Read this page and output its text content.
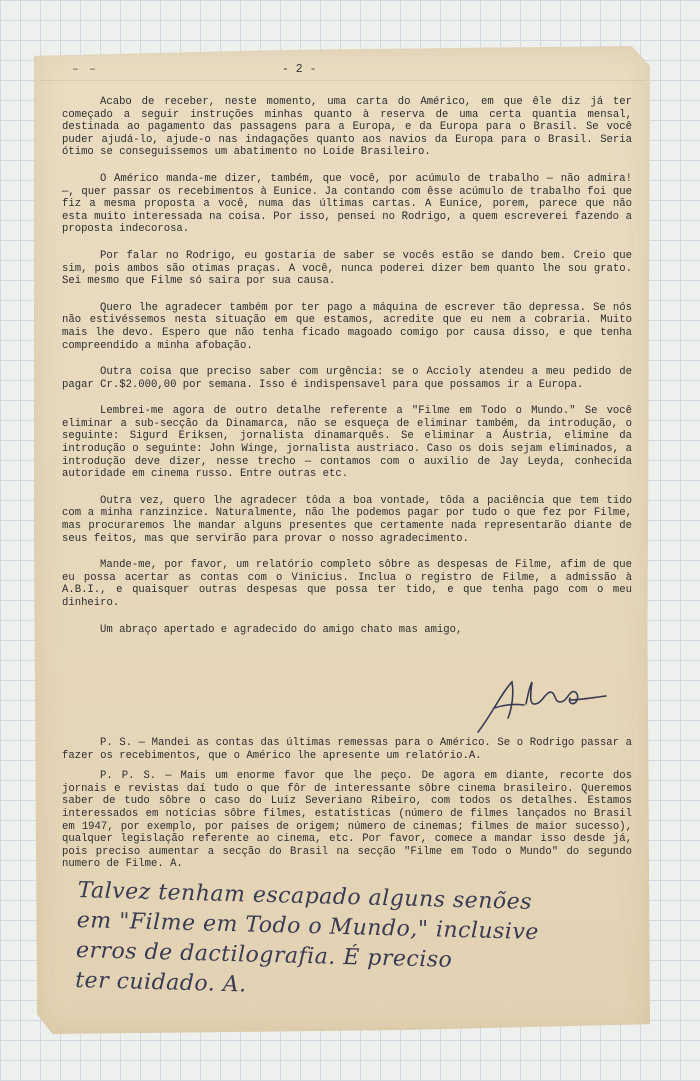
– –	- 2 -

Acabo de receber, neste momento, uma carta do Américo, em que êle diz já ter começado a seguir instruções minhas quanto à reserva de uma certa quantia mensal, destinada ao pagamento das passagens para a Europa, e da Europa para o Brasil. Se você puder ajudá-lo, ajude-o nas indagações quanto aos navios da Europa para o Brasil. Seria ótimo se conseguissemos um abatimento no Loide Brasileiro.

O Américo manda-me dizer, também, que você, por acúmulo de trabalho — não admira! —, quer passar os recebimentos à Eunice. Ja contando com êsse acúmulo de trabalho foi que fiz a mesma proposta a você, numa das últimas cartas. A Eunice, porem, parece que não esta muito interessada na coisa. Por isso, pensei no Rodrigo, a quem escreverei fazendo a proposta indecorosa.

Por falar no Rodrigo, eu gostaria de saber se vocês estão se dando bem. Creio que sim, pois ambos são otimas praças. A você, nunca poderei dizer bem quanto lhe sou grato. Sei mesmo que Filme só saira por sua causa.

Quero lhe agradecer também por ter pago a máquina de escrever tão depressa. Se nós não estivéssemos nesta situação em que estamos, acredite que eu nem a cobraria. Muito mais lhe devo. Espero que não tenha ficado magoado comigo por causa disso, e que tenha compreendido a minha afobação.

Outra coisa que preciso saber com urgência: se o Accioly atendeu a meu pedido de pagar Cr.$2.000,00 por semana. Isso é indispensavel para que possamos ir a Europa.

Lembrei-me agora de outro detalhe referente a "Filme em Todo o Mundo." Se você eliminar a sub-secção da Dinamarca, não se esqueça de eliminar também, da introdução, o seguinte: Sigurd Eriksen, jornalista dinamarquês. Se eliminar a Áustria, elimine da introdução o seguinte: John Winge, jornalista austriaco. Caso os dois sejam eliminados, a introdução deve dizer, nesse trecho — contamos com o auxilio de Jay Leyda, conhecida autoridade em cinema russo. Entre outras etc.

Outra vez, quero lhe agradecer tôda a boa vontade, tôda a paciência que tem tido com a minha ranzinzice. Naturalmente, não lhe podemos pagar por tudo o que fez por Filme, mas procuraremos lhe mandar alguns presentes que certamente nada representarão diante de seus feitos, mas que servirão para provar o nosso agradecimento.

Mande-me, por favor, um relatório completo sôbre as despesas de Filme, afim de que eu possa acertar as contas com o Vinicius. Inclua o registro de Filme, a admissão à A.B.I., e quaisquer outras despesas que possa ter tido, e que tenha pago com o meu dinheiro.

Um abraço apertado e agradecido do amigo chato mas amigo,

P. S. — Mandei as contas das últimas remessas para o Américo. Se o Rodrigo passar a fazer os recebimentos, que o Américo lhe apresente um relatório.A.

P. P. S. — Mais um enorme favor que lhe peço. De agora em diante, recorte dos jornais e revistas daí tudo o que fôr de interessante sôbre cinema brasileiro. Queremos saber de tudo sôbre o caso do Luiz Severiano Ribeiro, com todos os detalhes. Estamos interessados em notícias sôbre filmes, estatísticas (número de filmes lançados no Brasil em 1947, por exemplo, por países de origem; número de cinemas; filmes de maior sucesso), qualquer legislação referente ao cinema, etc. Por favor, comece a mandar isso desde já, pois preciso aumentar a secção do Brasil na secção "Filme em Todo o Mundo" do segundo numero de Filme. A.

Talvez tenham escapado alguns senões
em "Filme em Todo o Mundo," inclusive
erros de dactilografia. É preciso
ter cuidado. A.
